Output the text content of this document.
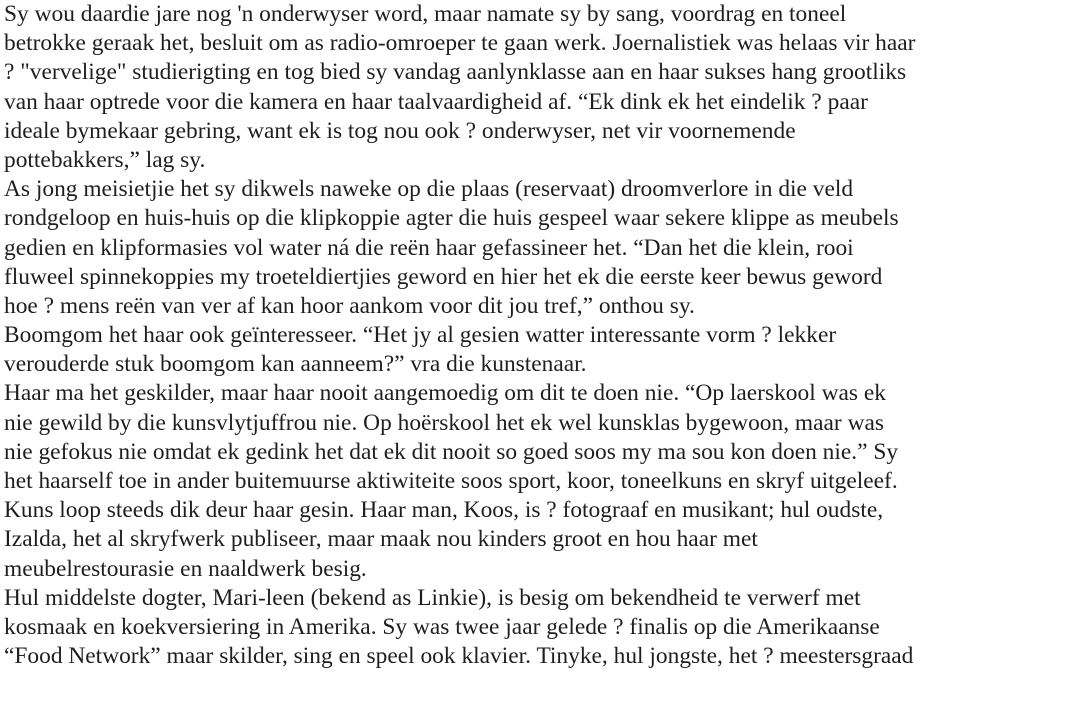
Sy wou daardie jare nog 'n onderwyser word, maar namate sy by sang, voordrag en toneel
betrokke geraak het, besluit om as radio-omroeper te gaan werk. Joernalistiek was helaas vir haar
? "vervelige" studierigting en tog bied sy vandag aanlynklasse aan en haar sukses hang grootliks
van haar optrede voor die kamera en haar taalvaardigheid af. “Ek dink ek het eindelik ? paar
ideale bymekaar gebring, want ek is tog nou ook ? onderwyser, net vir voornemende
pottebakkers,” lag sy.
As jong meisietjie het sy dikwels naweke op die plaas (reservaat) droomverlore in die veld
rondgeloop en huis-huis op die klipkoppie agter die huis gespeel waar sekere klippe as meubels
gedien en klipformasies vol water ná die reën haar gefassineer het. “Dan het die klein, rooi
fluweel spinnekoppies my troeteldiertjies geword en hier het ek die eerste keer bewus geword
hoe ? mens reën van ver af kan hoor aankom voor dit jou tref,” onthou sy.
Boomgom het haar ook geïnteresseer. “Het jy al gesien watter interessante vorm ? lekker
verouderde stuk boomgom kan aanneem?” vra die kunstenaar.
Haar ma het geskilder, maar haar nooit aangemoedig om dit te doen nie. “Op laerskool was ek
nie gewild by die kunsvlytjuffrou nie. Op hoërskool het ek wel kunsklas bygewoon, maar was
nie gefokus nie omdat ek gedink het dat ek dit nooit so goed soos my ma sou kon doen nie.” Sy
het haarself toe in ander buitemuurse aktiwiteite soos sport, koor, toneelkuns en skryf uitgeleef.
Kuns loop steeds dik deur haar gesin. Haar man, Koos, is ? fotograaf en musikant; hul oudste,
Izalda, het al skryfwerk publiseer, maar maak nou kinders groot en hou haar met
meubelrestourasie en naaldwerk besig.
Hul middelste dogter, Mari-leen (bekend as Linkie), is besig om bekendheid te verwerf met
kosmaak en koekversiering in Amerika. Sy was twee jaar gelede ? finalis op die Amerikaanse
“Food Network” maar skilder, sing en speel ook klavier. Tinyke, hul jongste, het ? meestersgraad
